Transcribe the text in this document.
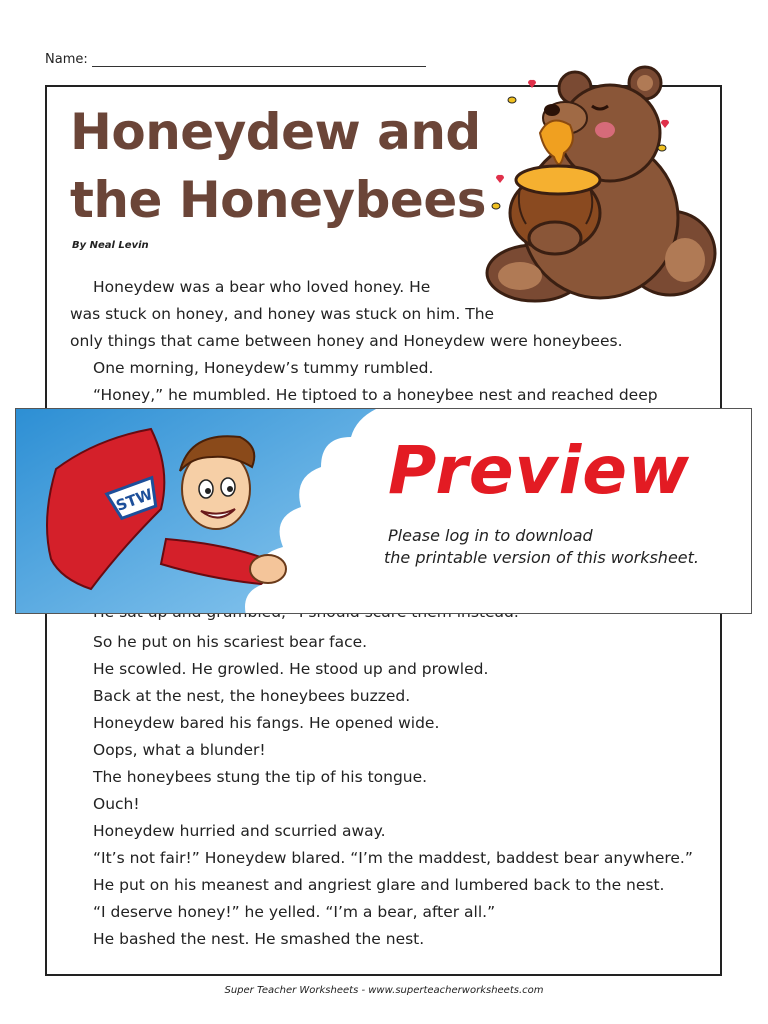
Name:
Honeydew and
the Honeybees
By Neal Levin
Honeydew was a bear who loved honey. He
was stuck on honey, and honey was stuck on him. The
only things that came between honey and Honeydew were honeybees.
One morning, Honeydew’s tummy rumbled.
“Honey,” he mumbled. He tiptoed to a honeybee nest and reached deep
So he put on his scariest bear face.
He scowled. He growled. He stood up and prowled.
Back at the nest, the honeybees buzzed.
Honeydew bared his fangs. He opened wide.
Oops, what a blunder!
The honeybees stung the tip of his tongue.
Ouch!
Honeydew hurried and scurried away.
“It’s not fair!” Honeydew blared. “I’m the maddest, baddest bear anywhere.”
He put on his meanest and angriest glare and lumbered back to the nest.
“I deserve honey!” he yelled. “I’m a bear, after all.”
He bashed the nest. He smashed the nest.
STW	Preview
Please log in to download
the printable version of this worksheet.
Super Teacher Worksheets - www.superteacherworksheets.com
